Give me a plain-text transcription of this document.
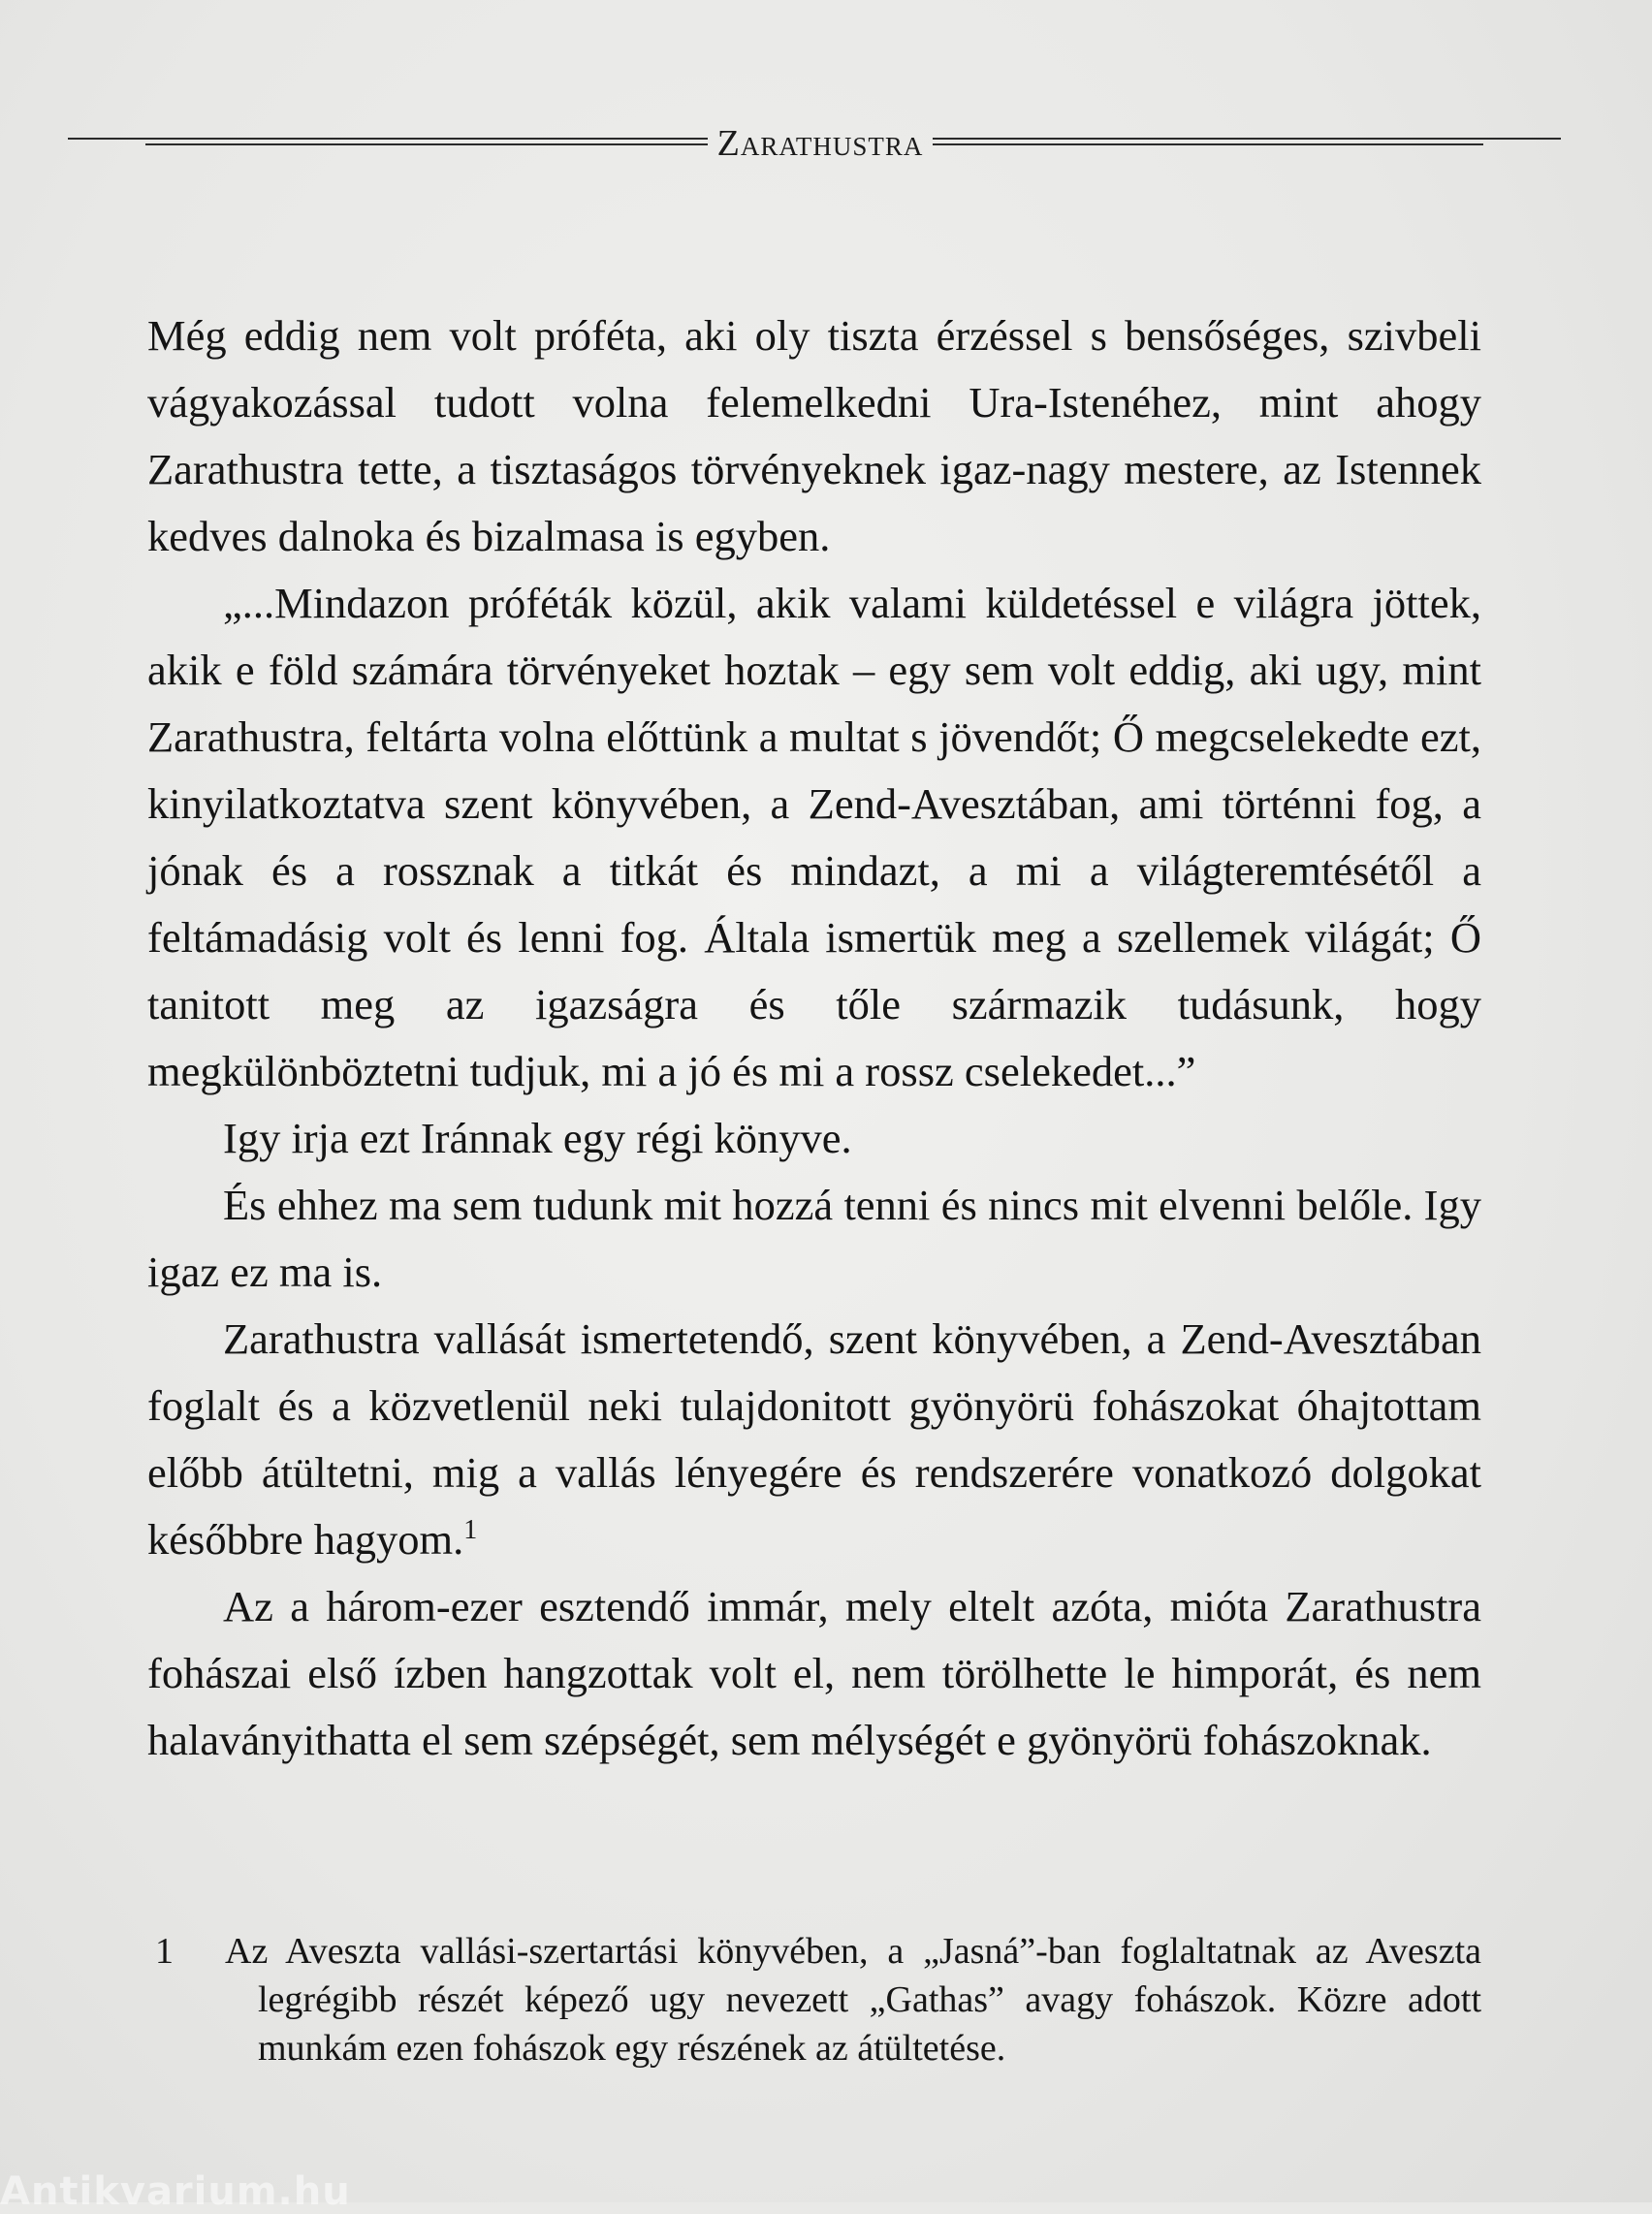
Zarathustra

Még eddig nem volt próféta, aki oly tiszta érzéssel s bensőséges, szivbeli vágyakozással tudott volna felemelkedni Ura-Istenéhez, mint ahogy Zarathustra tette, a tisztaságos törvényeknek igaz-nagy mestere, az Istennek kedves dalnoka és bizalmasa is egyben.

„...Mindazon próféták közül, akik valami küldetéssel e világra jöttek, akik e föld számára törvényeket hoztak – egy sem volt eddig, aki ugy, mint Zarathustra, feltárta volna előttünk a multat s jövendőt; Ő megcselekedte ezt, kinyilatkoztatva szent könyvében, a Zend-Avesztában, ami történni fog, a jónak és a rossznak a titkát és mindazt, a mi a világteremtésétől a feltámadásig volt és lenni fog. Általa ismertük meg a szellemek világát; Ő tanitott meg az igazságra és tőle származik tudásunk, hogy megkülönböztetni tudjuk, mi a jó és mi a rossz cselekedet...”

Igy irja ezt Iránnak egy régi könyve.

És ehhez ma sem tudunk mit hozzá tenni és nincs mit elvenni belőle. Igy igaz ez ma is.

Zarathustra vallását ismertetendő, szent könyvében, a Zend-Avesztában foglalt és a közvetlenül neki tulajdonitott gyönyörü fohászokat óhajtottam előbb átültetni, mig a vallás lényegére és rendszerére vonatkozó dolgokat későbbre hagyom.$^1$

Az a három-ezer esztendő immár, mely eltelt azóta, mióta Zarathustra fohászai első ízben hangzottak volt el, nem törölhette le himporát, és nem halaványithatta el sem szépségét, sem mélységét e gyönyörü fohászoknak.

1 Az Aveszta vallási-szertartási könyvében, a „Jasná”-ban foglaltatnak az Aveszta legrégibb részét képező ugy nevezett „Gathas” avagy fohászok. Közre adott munkám ezen fohászok egy részének az átültetése.
Antikvarium.hu
